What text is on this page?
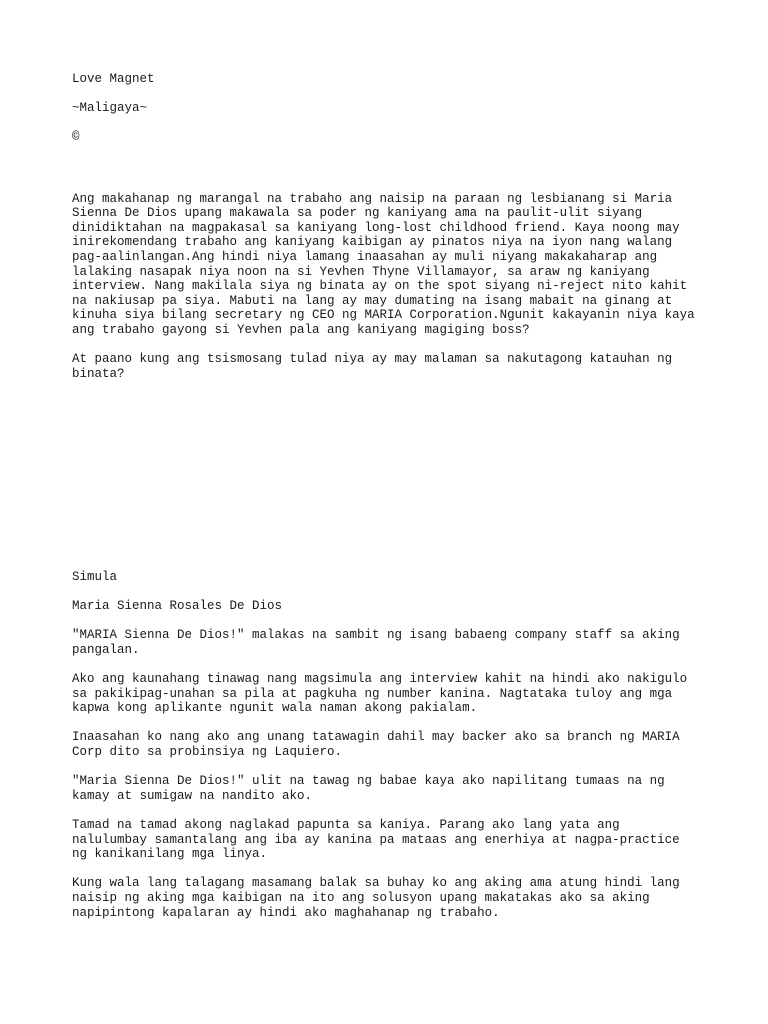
Love Magnet

~Maligaya~

©

Ang makahanap ng marangal na trabaho ang naisip na paraan ng lesbianang si Maria
Sienna De Dios upang makawala sa poder ng kaniyang ama na paulit-ulit siyang
dinidiktahan na magpakasal sa kaniyang long-lost childhood friend. Kaya noong may
inirekomendang trabaho ang kaniyang kaibigan ay pinatos niya na iyon nang walang
pag-aalinlangan.Ang hindi niya lamang inaasahan ay muli niyang makakaharap ang
lalaking nasapak niya noon na si Yevhen Thyne Villamayor, sa araw ng kaniyang
interview. Nang makilala siya ng binata ay on the spot siyang ni-reject nito kahit
na nakiusap pa siya. Mabuti na lang ay may dumating na isang mabait na ginang at
kinuha siya bilang secretary ng CEO ng MARIA Corporation.Ngunit kakayanin niya kaya
ang trabaho gayong si Yevhen pala ang kaniyang magiging boss?

At paano kung ang tsismosang tulad niya ay may malaman sa nakutagong katauhan ng
binata?

Simula

Maria Sienna Rosales De Dios

"MARIA Sienna De Dios!" malakas na sambit ng isang babaeng company staff sa aking
pangalan.

Ako ang kaunahang tinawag nang magsimula ang interview kahit na hindi ako nakigulo
sa pakikipag-unahan sa pila at pagkuha ng number kanina. Nagtataka tuloy ang mga
kapwa kong aplikante ngunit wala naman akong pakialam.

Inaasahan ko nang ako ang unang tatawagin dahil may backer ako sa branch ng MARIA
Corp dito sa probinsiya ng Laquiero.

"Maria Sienna De Dios!" ulit na tawag ng babae kaya ako napilitang tumaas na ng
kamay at sumigaw na nandito ako.

Tamad na tamad akong naglakad papunta sa kaniya. Parang ako lang yata ang
nalulumbay samantalang ang iba ay kanina pa mataas ang enerhiya at nagpa-practice
ng kanikanilang mga linya.

Kung wala lang talagang masamang balak sa buhay ko ang aking ama atung hindi lang
naisip ng aking mga kaibigan na ito ang solusyon upang makatakas ako sa aking
napipintong kapalaran ay hindi ako maghahanap ng trabaho.
